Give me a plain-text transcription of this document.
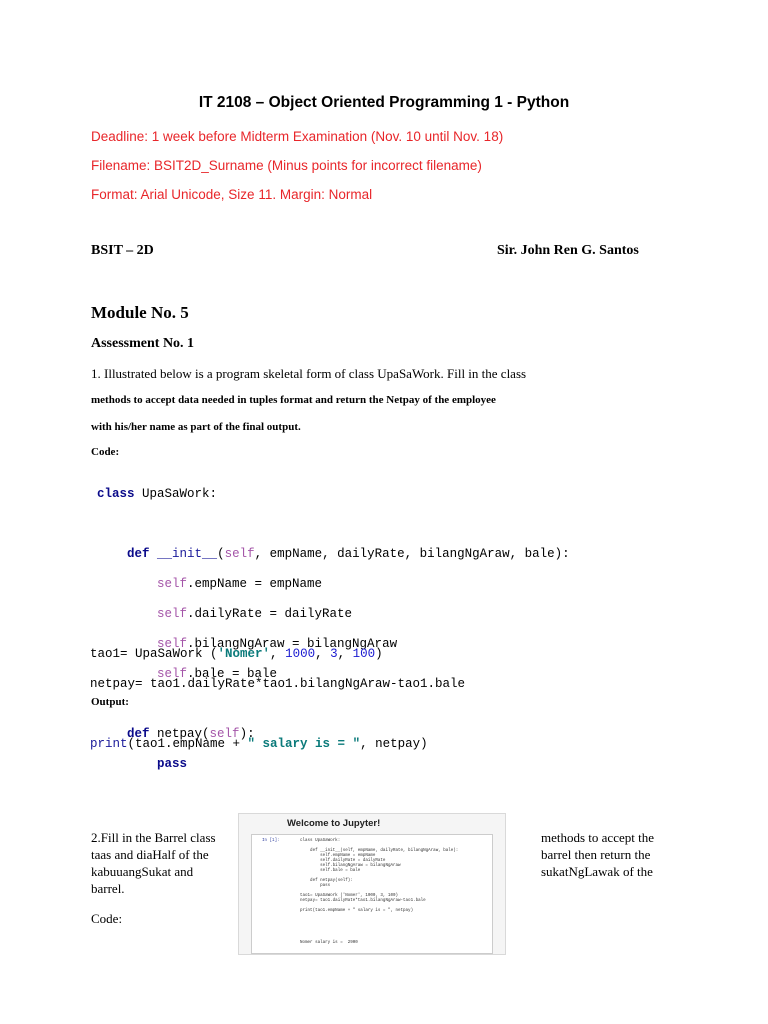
IT 2108 – Object Oriented Programming 1 - Python
Deadline: 1 week before Midterm Examination (Nov. 10 until Nov. 18)
Filename: BSIT2D_Surname (Minus points for incorrect filename)
Format: Arial Unicode, Size 11. Margin: Normal
BSIT – 2D	Sir. John Ren G. Santos
Module No. 5
Assessment No. 1
1. Illustrated below is a program skeletal form of class UpaSaWork. Fill in the class
methods to accept data needed in tuples format and return the Netpay of the employee
with his/her name as part of the final output.
Code:

class UpaSaWork:

def __init__(self, empName, dailyRate, bilangNgAraw, bale):

self.empName = empName

self.dailyRate = dailyRate

self.bilangNgAraw = bilangNgAraw

self.bale = bale

def netpay(self):

pass

tao1= UpaSaWork ('Nomer', 1000, 3, 100)

netpay= tao1.dailyRate*tao1.bilangNgAraw-tao1.bale

print(tao1.empName + " salary is = ", netpay)

Output:
2.Fill in the Barrel class
taas and diaHalf of the
kabuuangSukat and
barrel.
Code:
methods to accept the
barrel then return the
sukatNgLawak of the
Welcome to Jupyter!
In [1]:	class UpaSaWork:

def __init__(self, empName, dailyRate, bilangNgAraw, bale):
self.empName = empName
self.dailyRate = dailyRate
self.bilangNgAraw = bilangNgAraw
self.bale = bale

def netpay(self):
pass

tao1= UpaSaWork ('Nomer', 1000, 3, 100)
netpay= tao1.dailyRate*tao1.bilangNgAraw-tao1.bale

print(tao1.empName + " salary is = ", netpay)
Nomer salary is =  2900
